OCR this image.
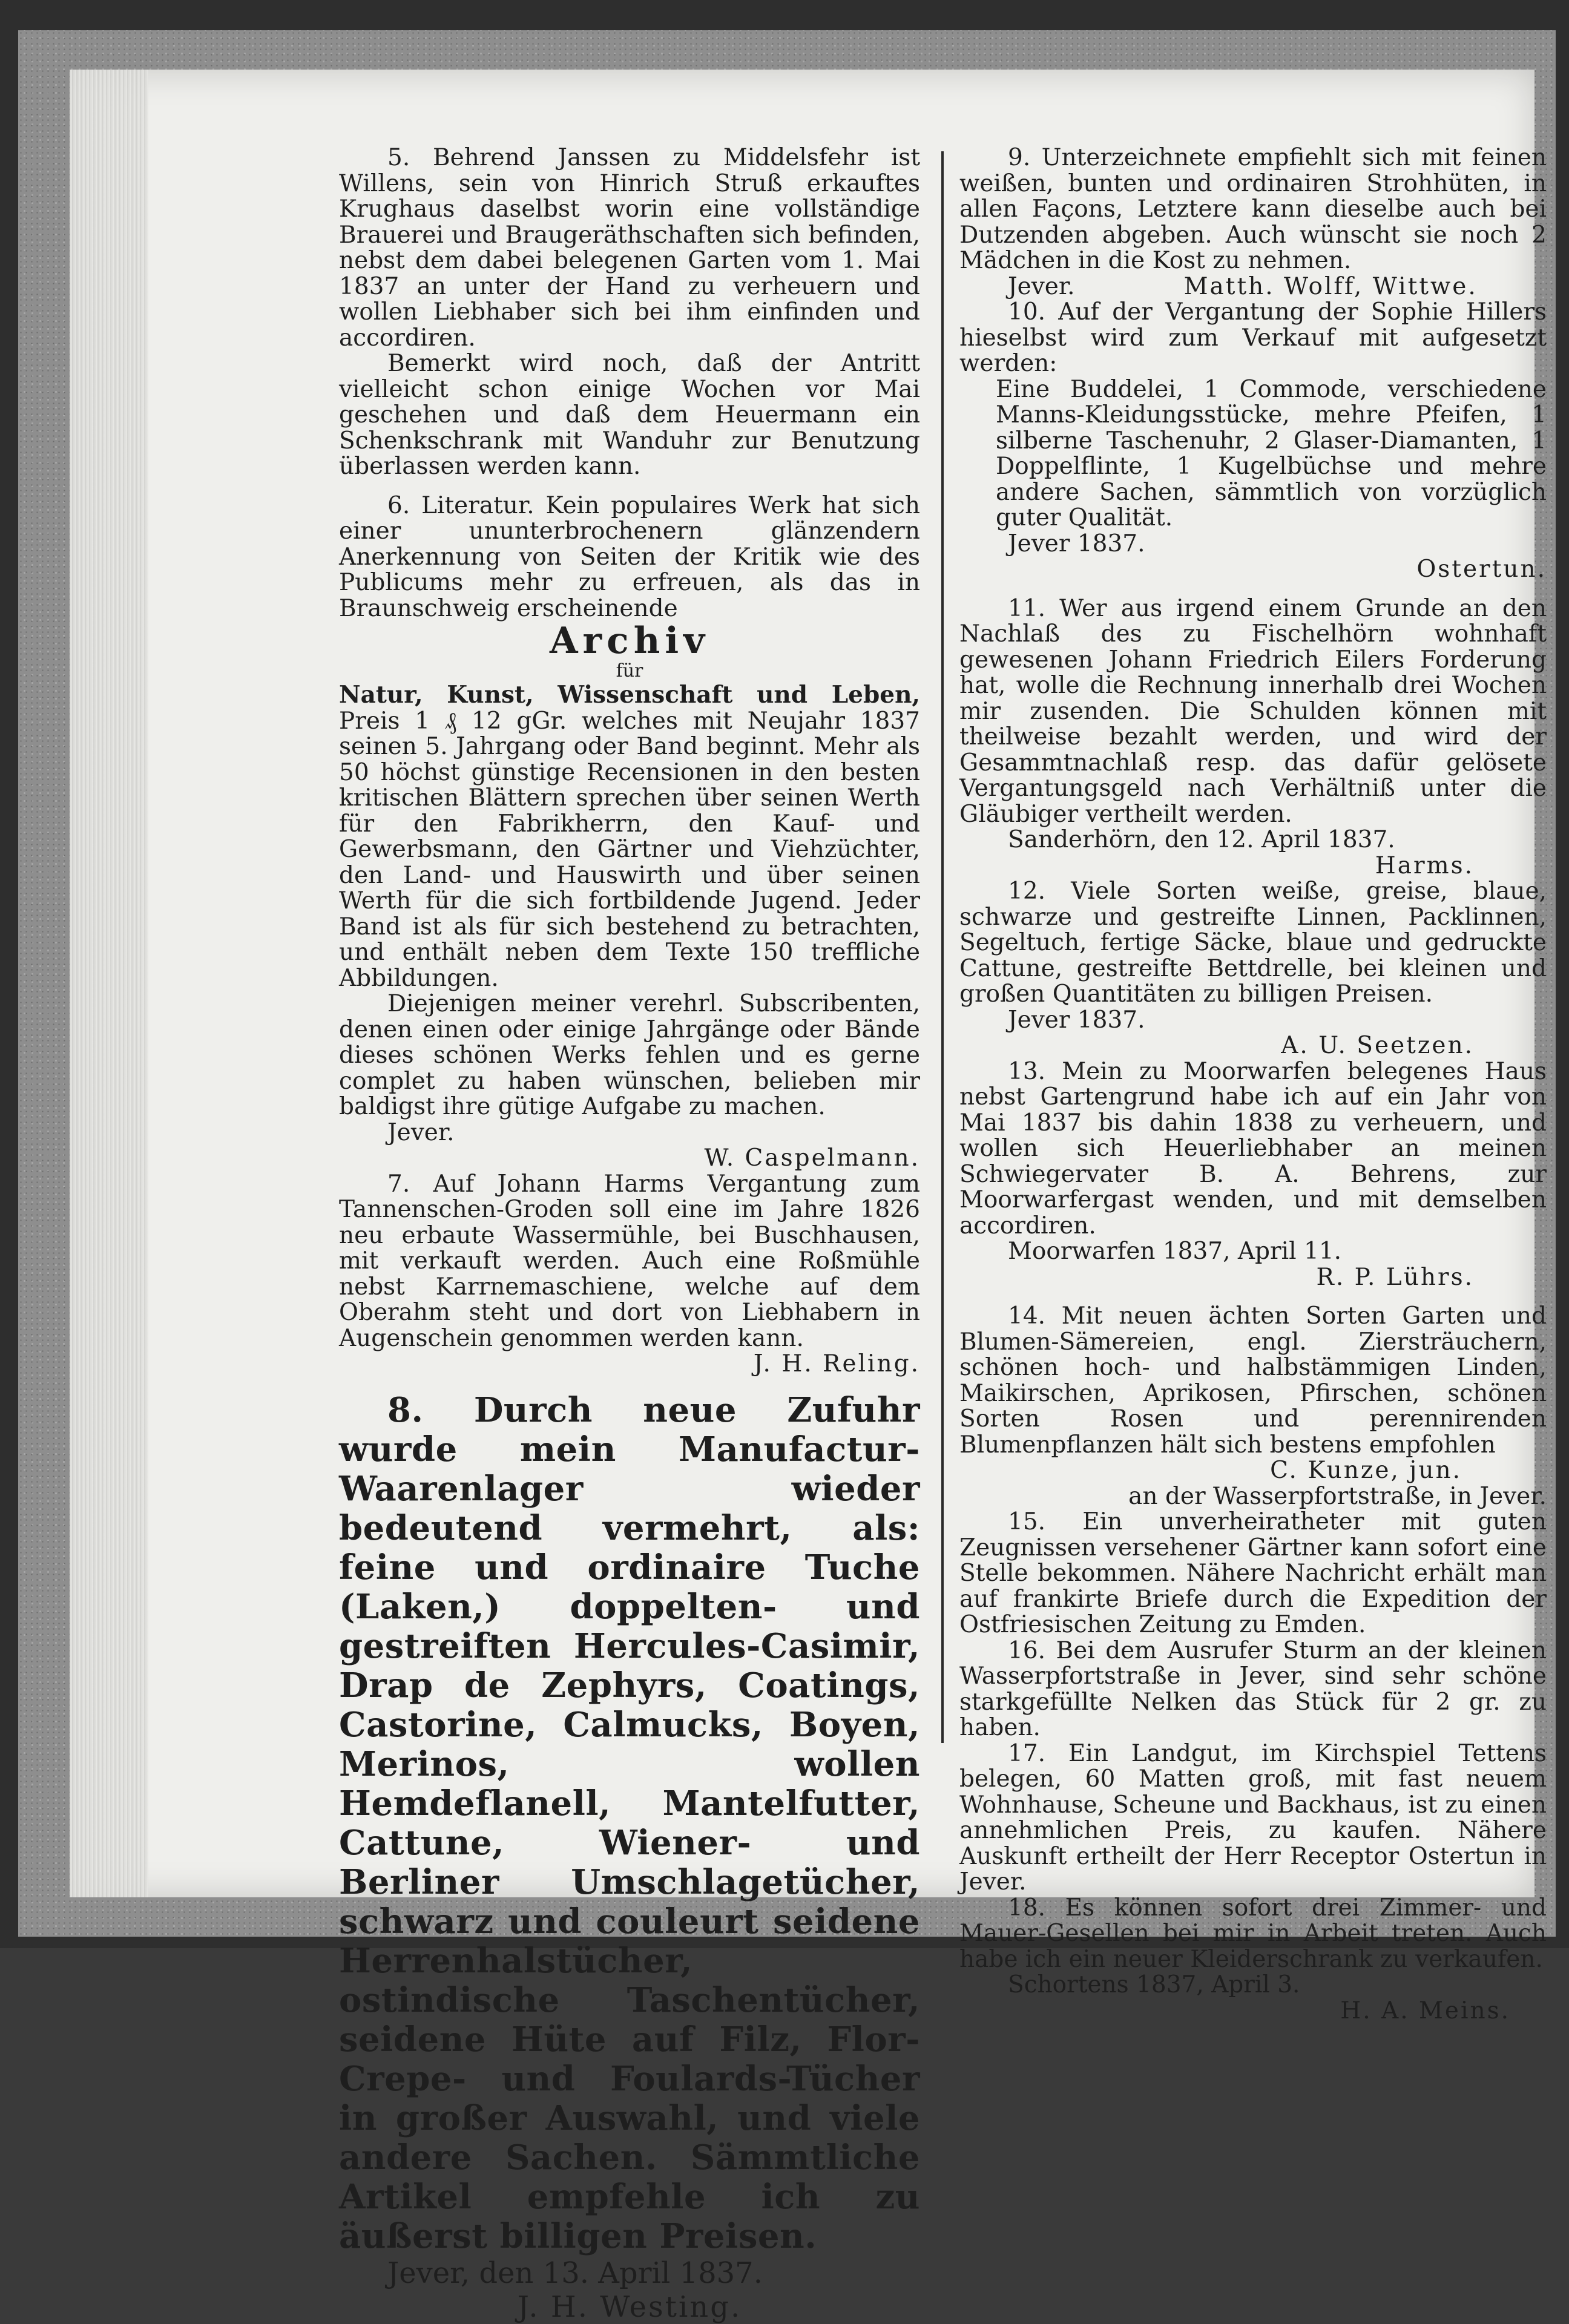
5. Behrend Janssen zu Middelsfehr ist Willens, sein von Hinrich Struß erkauftes Krughaus daselbst worin eine vollständige Brauerei und Braugeräthschaften sich befinden, nebst dem dabei belegenen Garten vom 1. Mai 1837 an unter der Hand zu verheuern und wollen Liebhaber sich bei ihm einfinden und accordiren.

Bemerkt wird noch, daß der Antritt vielleicht schon einige Wochen vor Mai geschehen und daß dem Heuermann ein Schenkschrank mit Wanduhr zur Benutzung überlassen werden kann.

6. Literatur. Kein populaires Werk hat sich einer ununterbrochenern glänzendern Anerkennung von Seiten der Kritik wie des Publicums mehr zu erfreuen, als das in Braunschweig erscheinende

Archiv

für

Natur, Kunst, Wissenschaft und Leben, Preis 1 ₰ 12 gGr. welches mit Neujahr 1837 seinen 5. Jahrgang oder Band beginnt. Mehr als 50 höchst günstige Recensionen in den besten kritischen Blättern sprechen über seinen Werth für den Fabrikherrn, den Kauf- und Gewerbsmann, den Gärtner und Viehzüchter, den Land- und Hauswirth und über seinen Werth für die sich fortbildende Jugend. Jeder Band ist als für sich bestehend zu betrachten, und enthält neben dem Texte 150 treffliche Abbildungen.

Diejenigen meiner verehrl. Subscribenten, denen einen oder einige Jahrgänge oder Bände dieses schönen Werks fehlen und es gerne complet zu haben wünschen, belieben mir baldigst ihre gütige Aufgabe zu machen.

Jever.

W. Caspelmann.

7. Auf Johann Harms Vergantung zum Tannenschen-Groden soll eine im Jahre 1826 neu erbaute Wassermühle, bei Buschhausen, mit verkauft werden. Auch eine Roßmühle nebst Karrnemaschiene, welche auf dem Oberahm steht und dort von Liebhabern in Augenschein genommen werden kann.

J. H. Reling.

8. Durch neue Zufuhr wurde mein Manufactur-Waarenlager wieder bedeutend vermehrt, als: feine und ordinaire Tuche (Laken,) doppelten- und gestreiften Hercules-Casimir, Drap de Zephyrs, Coatings, Castorine, Calmucks, Boyen, Merinos, wollen Hemdeflanell, Mantelfutter, Cattune, Wiener- und Berliner Umschlagetücher, schwarz und couleurt seidene Herrenhalstücher, ostindische Taschentücher, seidene Hüte auf Filz, Flor-Crepe- und Foulards-Tücher in großer Auswahl, und viele andere Sachen. Sämmtliche Artikel empfehle ich zu äußerst billigen Preisen.

Jever, den 13. April 1837.

J. H. Westing.

9. Unterzeichnete empfiehlt sich mit feinen weißen, bunten und ordinairen Strohhüten, in allen Façons, Letztere kann dieselbe auch bei Dutzenden abgeben. Auch wünscht sie noch 2 Mädchen in die Kost zu nehmen.

Jever.	Matth. Wolff, Wittwe.

10. Auf der Vergantung der Sophie Hillers hieselbst wird zum Verkauf mit aufgesetzt werden:

Eine Buddelei, 1 Commode, verschiedene Manns-Kleidungsstücke, mehre Pfeifen, 1 silberne Taschenuhr, 2 Glaser-Diamanten, 1 Doppelflinte, 1 Kugelbüchse und mehre andere Sachen, sämmtlich von vorzüglich guter Qualität.

Jever 1837.

Ostertun.

11. Wer aus irgend einem Grunde an den Nachlaß des zu Fischelhörn wohnhaft gewesenen Johann Friedrich Eilers Forderung hat, wolle die Rechnung innerhalb drei Wochen mir zusenden. Die Schulden können mit theilweise bezahlt werden, und wird der Gesammtnachlaß resp. das dafür gelösete Vergantungsgeld nach Verhältniß unter die Gläubiger vertheilt werden.

Sanderhörn, den 12. April 1837.

Harms.

12. Viele Sorten weiße, greise, blaue, schwarze und gestreifte Linnen, Packlinnen, Segeltuch, fertige Säcke, blaue und gedruckte Cattune, gestreifte Bettdrelle, bei kleinen und großen Quantitäten zu billigen Preisen.

Jever 1837.

A. U. Seetzen.

13. Mein zu Moorwarfen belegenes Haus nebst Gartengrund habe ich auf ein Jahr von Mai 1837 bis dahin 1838 zu verheuern, und wollen sich Heuerliebhaber an meinen Schwiegervater B. A. Behrens, zur Moorwarfergast wenden, und mit demselben accordiren.

Moorwarfen 1837, April 11.

R. P. Lührs.

14. Mit neuen ächten Sorten Garten und Blumen-Sämereien, engl. Ziersträuchern, schönen hoch- und halbstämmigen Linden, Maikirschen, Aprikosen, Pfirschen, schönen Sorten Rosen und perennirenden Blumenpflanzen hält sich bestens empfohlen

C. Kunze, jun.

an der Wasserpfortstraße, in Jever.

15. Ein unverheiratheter mit guten Zeugnissen versehener Gärtner kann sofort eine Stelle bekommen. Nähere Nachricht erhält man auf frankirte Briefe durch die Expedition der Ostfriesischen Zeitung zu Emden.

16. Bei dem Ausrufer Sturm an der kleinen Wasserpfortstraße in Jever, sind sehr schöne starkgefüllte Nelken das Stück für 2 gr. zu haben.

17. Ein Landgut, im Kirchspiel Tettens belegen, 60 Matten groß, mit fast neuem Wohnhause, Scheune und Backhaus, ist zu einen annehmlichen Preis, zu kaufen. Nähere Auskunft ertheilt der Herr Receptor Ostertun in Jever.

18. Es können sofort drei Zimmer- und Mauer-Gesellen bei mir in Arbeit treten. Auch habe ich ein neuer Kleiderschrank zu verkaufen.

Schortens 1837, April 3.

H. A. Meins.
